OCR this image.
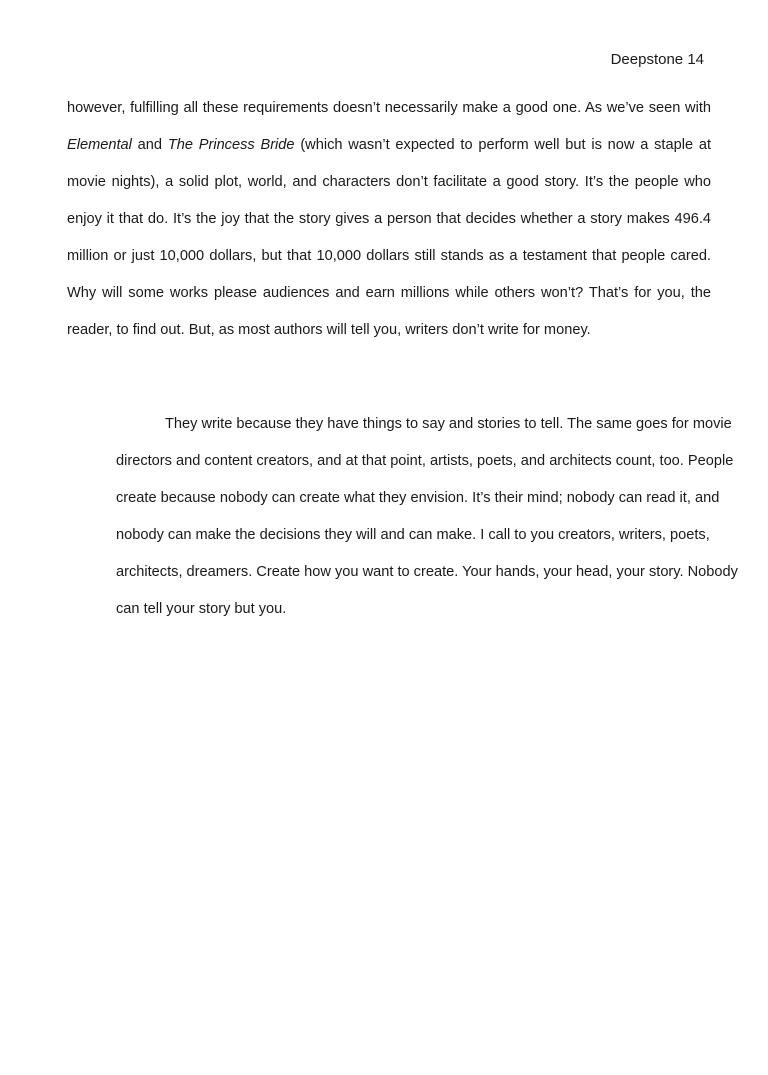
Deepstone 14
however, fulfilling all these requirements doesn’t necessarily make a good one. As we’ve seen with
Elemental and The Princess Bride (which wasn’t expected to perform well but is now a staple at
movie nights), a solid plot, world, and characters don’t facilitate a good story. It’s the people who
enjoy it that do. It’s the joy that the story gives a person that decides whether a story makes 496.4
million or just 10,000 dollars, but that 10,000 dollars still stands as a testament that people cared.
Why will some works please audiences and earn millions while others won’t? That’s for you, the
reader, to find out. But, as most authors will tell you, writers don’t write for money.
They write because they have things to say and stories to tell. The same goes for movie
directors and content creators, and at that point, artists, poets, and architects count, too. People
create because nobody can create what they envision. It’s their mind; nobody can read it, and
nobody can make the decisions they will and can make. I call to you creators, writers, poets,
architects, dreamers. Create how you want to create. Your hands, your head, your story. Nobody
can tell your story but you.
